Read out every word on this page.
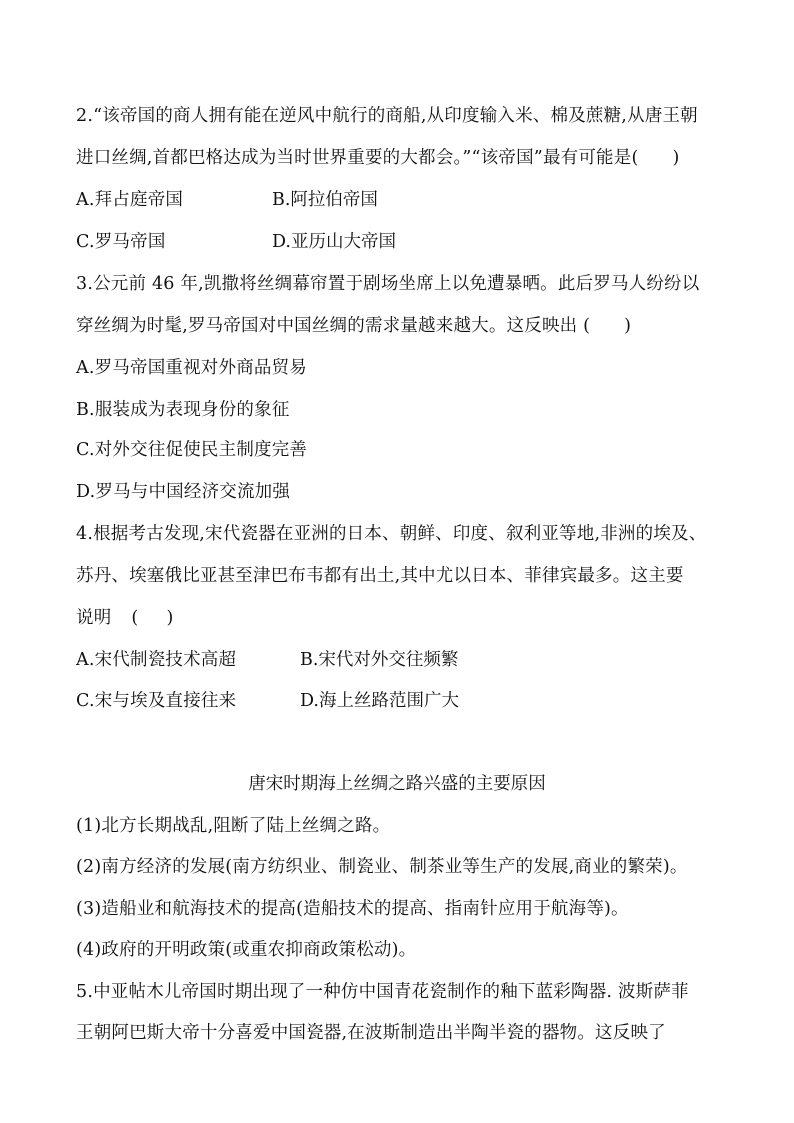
2.“该帝国的商人拥有能在逆风中航行的商船,从印度输入米、棉及蔗糖,从唐王朝
进口丝绸,首都巴格达成为当时世界重要的大都会。”“该帝国”最有可能是( )
A.拜占庭帝国	B.阿拉伯帝国
C.罗马帝国	D.亚历山大帝国
3.公元前 46 年,凯撒将丝绸幕帘置于剧场坐席上以免遭暴晒。此后罗马人纷纷以
穿丝绸为时髦,罗马帝国对中国丝绸的需求量越来越大。这反映出 ( )
A.罗马帝国重视对外商品贸易
B.服装成为表现身份的象征
C.对外交往促使民主制度完善
D.罗马与中国经济交流加强
4.根据考古发现,宋代瓷器在亚洲的日本、朝鲜、印度、叙利亚等地,非洲的埃及、
苏丹、埃塞俄比亚甚至津巴布韦都有出土,其中尤以日本、菲律宾最多。这主要
说明 ( )
A.宋代制瓷技术高超	B.宋代对外交往频繁
C.宋与埃及直接往来	D.海上丝路范围广大
唐宋时期海上丝绸之路兴盛的主要原因
(1)北方长期战乱,阻断了陆上丝绸之路。
(2)南方经济的发展(南方纺织业、制瓷业、制茶业等生产的发展,商业的繁荣)。
(3)造船业和航海技术的提高(造船技术的提高、指南针应用于航海等)。
(4)政府的开明政策(或重农抑商政策松动)。
5.中亚帖木儿帝国时期出现了一种仿中国青花瓷制作的釉下蓝彩陶器. 波斯萨菲
王朝阿巴斯大帝十分喜爱中国瓷器,在波斯制造出半陶半瓷的器物。这反映了
